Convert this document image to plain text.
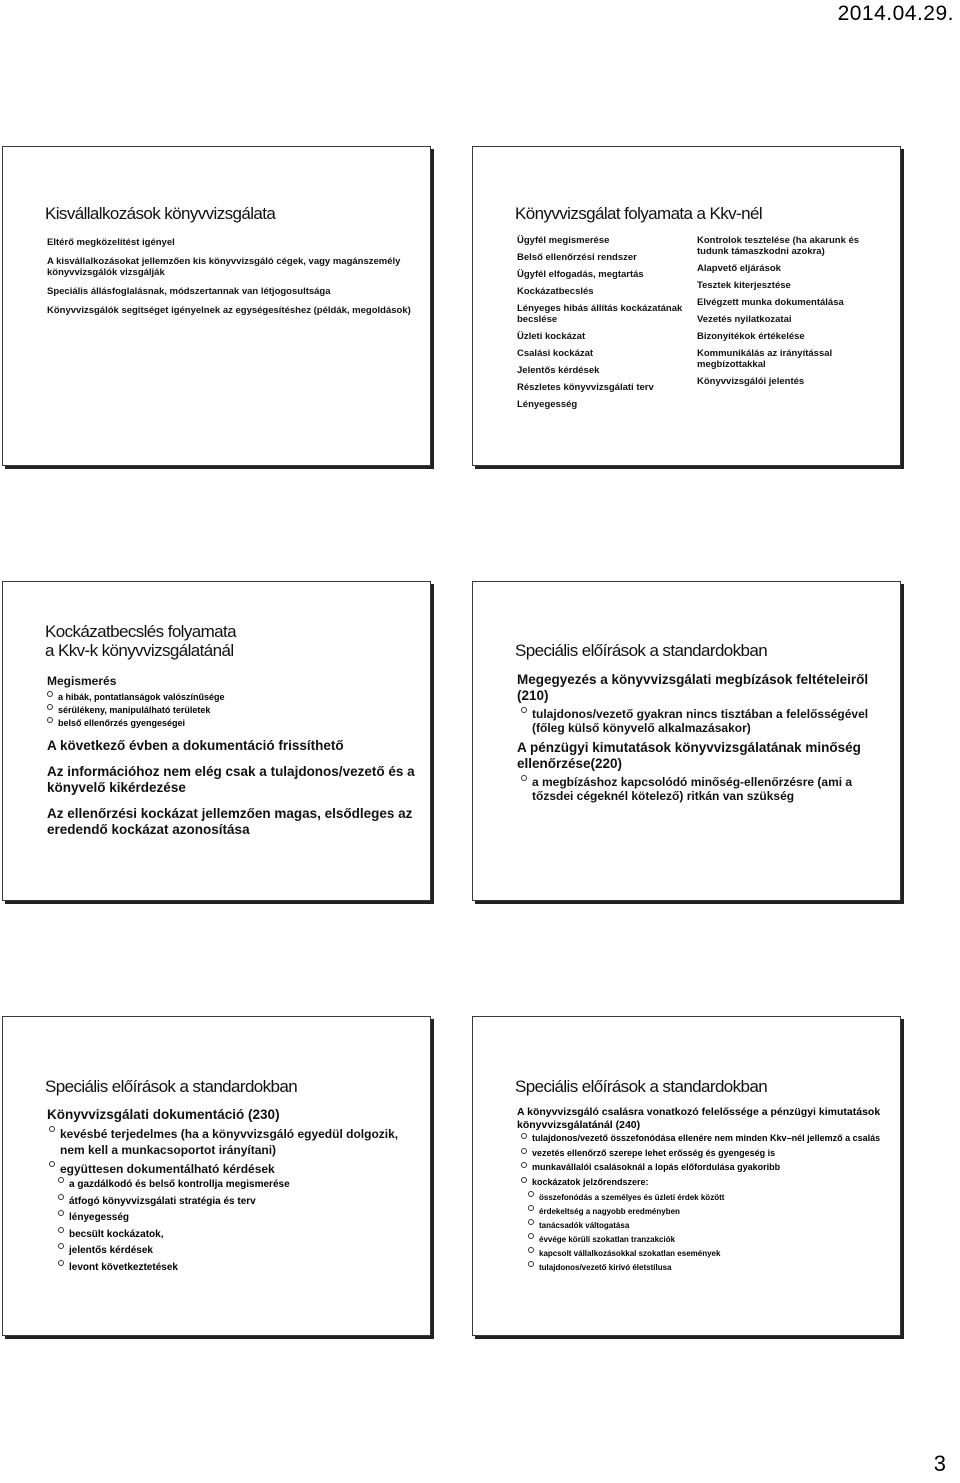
2014.04.29.
Kisvállalkozások könyvvizsgálata
Eltérő megközelítést igényel
A kisvállalkozásokat jellemzően kis könyvvizsgáló cégek, vagy magánszemély könyvvizsgálók vizsgálják
Speciális állásfoglalásnak, módszertannak van létjogosultsága
Könyvvizsgálók segítséget igényelnek az egységesítéshez (példák, megoldások)
Könyvvizsgálat folyamata a Kkv-nél
Ügyfél megismerése
Belső ellenőrzési rendszer
Ügyfél elfogadás, megtartás
Kockázatbecslés
Lényeges hibás állítás kockázatának becslése
Üzleti kockázat
Csalási kockázat
Jelentős kérdések
Részletes könyvvizsgálati terv
Lényegesség
Kontrolok tesztelése (ha akarunk és tudunk támaszkodni azokra)
Alapvető eljárások
Tesztek kiterjesztése
Elvégzett munka dokumentálása
Vezetés nyilatkozatai
Bizonyítékok értékelése
Kommunikálás az irányítással megbízottakkal
Könyvvizsgálói jelentés
Kockázatbecslés folyamata
a Kkv-k könyvvizsgálatánál
Megismerés
a hibák, pontatlanságok valószínűsége
sérülékeny, manipulálható területek
belső ellenőrzés gyengeségei
A következő évben a dokumentáció frissíthető
Az információhoz nem elég csak a tulajdonos/vezető és a könyvelő kikérdezése
Az ellenőrzési kockázat jellemzően magas, elsődleges az eredendő kockázat azonosítása
Speciális előírások a standardokban
Megegyezés a könyvvizsgálati megbízások feltételeiről (210)
tulajdonos/vezető gyakran nincs tisztában a felelősségével (főleg külső könyvelő alkalmazásakor)
A pénzügyi kimutatások könyvvizsgálatának minőség ellenőrzése(220)
a megbízáshoz kapcsolódó minőség-ellenőrzésre (ami a tőzsdei cégeknél kötelező) ritkán van szükség
Speciális előírások a standardokban
Könyvvizsgálati dokumentáció (230)
kevésbé terjedelmes (ha a könyvvizsgáló egyedül dolgozik, nem kell a munkacsoportot irányítani)
együttesen dokumentálható kérdések
a gazdálkodó és belső kontrollja megismerése
átfogó könyvvizsgálati stratégia és terv
lényegesség
becsült kockázatok,
jelentős kérdések
levont következtetések
Speciális előírások a standardokban
A könyvvizsgáló csalásra vonatkozó felelőssége a pénzügyi kimutatások könyvvizsgálatánál (240)
tulajdonos/vezető összefonódása ellenére nem minden Kkv–nél jellemző a csalás
vezetés ellenőrző szerepe lehet erősség és gyengeség is
munkavállalói csalásoknál a lopás előfordulása gyakoribb
kockázatok jelzőrendszere:
összefonódás a személyes és üzleti érdek között
érdekeltség a nagyobb eredményben
tanácsadók váltogatása
évvége körüli szokatlan tranzakciók
kapcsolt vállalkozásokkal szokatlan események
tulajdonos/vezető kirívó életstílusa
3
